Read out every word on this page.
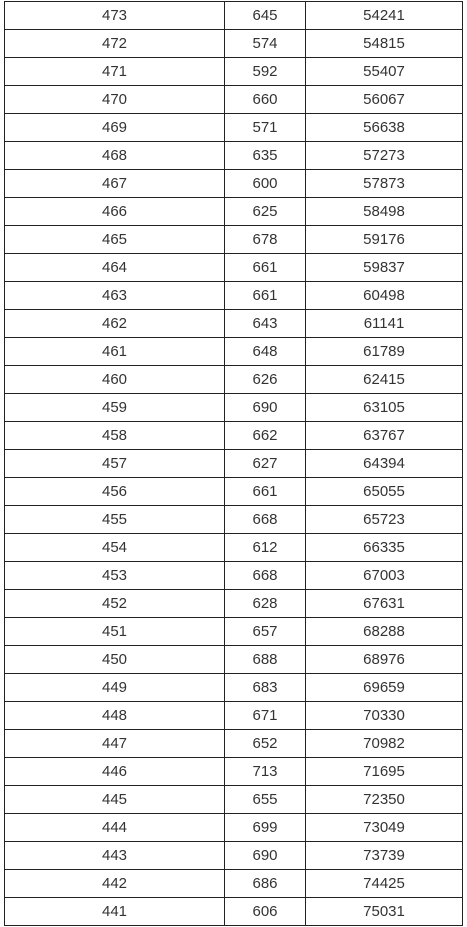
473	645	54241
472	574	54815
471	592	55407
470	660	56067
469	571	56638
468	635	57273
467	600	57873
466	625	58498
465	678	59176
464	661	59837
463	661	60498
462	643	61141
461	648	61789
460	626	62415
459	690	63105
458	662	63767
457	627	64394
456	661	65055
455	668	65723
454	612	66335
453	668	67003
452	628	67631
451	657	68288
450	688	68976
449	683	69659
448	671	70330
447	652	70982
446	713	71695
445	655	72350
444	699	73049
443	690	73739
442	686	74425
441	606	75031
